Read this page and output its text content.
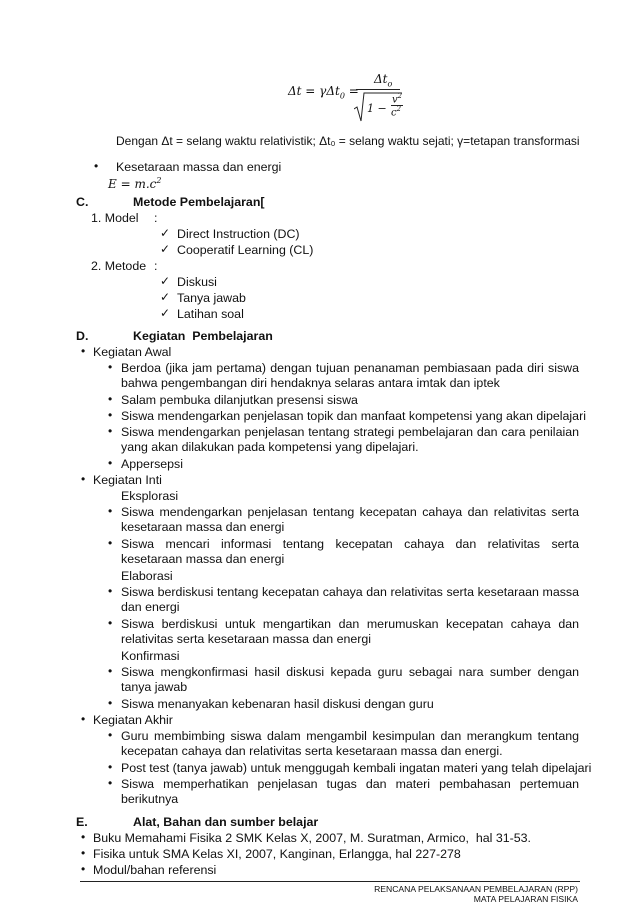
Δt = γΔt$_0$ =
$\Delta t_o$
1 −
$v^2$
$c^2$
Dengan Δt = selang waktu relativistik; Δt₀ = selang waktu sejati; γ=tetapan transformasi
• Kesetaraan massa dan energi
$E = m.c^2$
C.	Metode Pembelajaran[
1. Model :
✓ Direct Instruction (DC)
✓ Cooperatif Learning (CL)
2. Metode :
✓ Diskusi
✓ Tanya jawab
✓ Latihan soal
D.	Kegiatan  Pembelajaran
• Kegiatan Awal
• Berdoa (jika jam pertama) dengan tujuan penanaman pembiasaan pada diri siswa bahwa pengembangan diri hendaknya selaras antara imtak dan iptek
• Salam pembuka dilanjutkan presensi siswa
• Siswa mendengarkan penjelasan topik dan manfaat kompetensi yang akan dipelajari
• Siswa mendengarkan penjelasan tentang strategi pembelajaran dan cara penilaian yang akan dilakukan pada kompetensi yang dipelajari.
• Appersepsi
• Kegiatan Inti
Eksplorasi
• Siswa mendengarkan penjelasan tentang kecepatan cahaya dan relativitas serta kesetaraan massa dan energi
• Siswa mencari informasi tentang kecepatan cahaya dan relativitas serta kesetaraan massa dan energi
Elaborasi
• Siswa berdiskusi tentang kecepatan cahaya dan relativitas serta kesetaraan massa dan energi
• Siswa berdiskusi untuk mengartikan dan merumuskan kecepatan cahaya dan relativitas serta kesetaraan massa dan energi
Konfirmasi
• Siswa mengkonfirmasi hasil diskusi kepada guru sebagai nara sumber dengan tanya jawab
• Siswa menanyakan kebenaran hasil diskusi dengan guru
• Kegiatan Akhir
• Guru membimbing siswa dalam mengambil kesimpulan dan merangkum tentang kecepatan cahaya dan relativitas serta kesetaraan massa dan energi.
• Post test (tanya jawab) untuk menggugah kembali ingatan materi yang telah dipelajari
• Siswa memperhatikan penjelasan tugas dan materi pembahasan pertemuan berikutnya
E.	Alat, Bahan dan sumber belajar
• Buku Memahami Fisika 2 SMK Kelas X, 2007, M. Suratman, Armico,  hal 31-53.
• Fisika untuk SMA Kelas XI, 2007, Kanginan, Erlangga, hal 227-278
• Modul/bahan referensi
RENCANA PELAKSANAAN PEMBELAJARAN (RPP)
MATA PELAJARAN FISIKA
